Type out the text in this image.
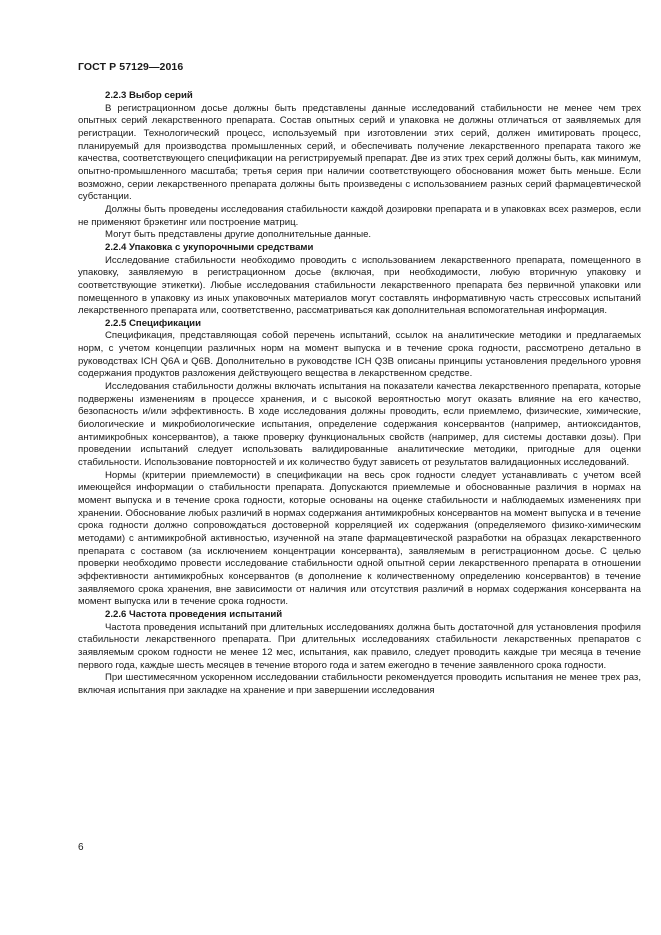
ГОСТ Р 57129—2016
2.2.3 Выбор серий

В регистрационном досье должны быть представлены данные исследований стабильности не менее чем трех опытных серий лекарственного препарата. Состав опытных серий и упаковка не должны отличаться от заявляемых для регистрации. Технологический процесс, используемый при изготовлении этих серий, должен имитировать процесс, планируемый для производства промышленных серий, и обеспечивать получение лекарственного препарата такого же качества, соответствующего спецификации на регистрируемый препарат. Две из этих трех серий должны быть, как минимум, опытно-промышленного масштаба; третья серия при наличии соответствующего обоснования может быть меньше. Если возможно, серии лекарственного препарата должны быть произведены с использованием разных серий фармацевтической субстанции.

Должны быть проведены исследования стабильности каждой дозировки препарата и в упаковках всех размеров, если не применяют брэкетинг или построение матриц.

Могут быть представлены другие дополнительные данные.

2.2.4 Упаковка с укупорочными средствами

Исследование стабильности необходимо проводить с использованием лекарственного препарата, помещенного в упаковку, заявляемую в регистрационном досье (включая, при необходимости, любую вторичную упаковку и соответствующие этикетки). Любые исследования стабильности лекарственного препарата без первичной упаковки или помещенного в упаковку из иных упаковочных материалов могут составлять информативную часть стрессовых испытаний лекарственного препарата или, соответственно, рассматриваться как дополнительная вспомогательная информация.

2.2.5 Спецификации

Спецификация, представляющая собой перечень испытаний, ссылок на аналитические методики и предлагаемых норм, с учетом концепции различных норм на момент выпуска и в течение срока годности, рассмотрено детально в руководствах ICH Q6A и Q6B. Дополнительно в руководстве ICH Q3B описаны принципы установления предельного уровня содержания продуктов разложения действующего вещества в лекарственном средстве.

Исследования стабильности должны включать испытания на показатели качества лекарственного препарата, которые подвержены изменениям в процессе хранения, и с высокой вероятностью могут оказать влияние на его качество, безопасность и/или эффективность. В ходе исследования должны проводить, если приемлемо, физические, химические, биологические и микробиологические испытания, определение содержания консервантов (например, антиоксидантов, антимикробных консервантов), а также проверку функциональных свойств (например, для системы доставки дозы). При проведении испытаний следует использовать валидированные аналитические методики, пригодные для оценки стабильности. Использование повторностей и их количество будут зависеть от результатов валидационных исследований.

Нормы (критерии приемлемости) в спецификации на весь срок годности следует устанавливать с учетом всей имеющейся информации о стабильности препарата. Допускаются приемлемые и обоснованные различия в нормах на момент выпуска и в течение срока годности, которые основаны на оценке стабильности и наблюдаемых изменениях при хранении. Обоснование любых различий в нормах содержания антимикробных консервантов на момент выпуска и в течение срока годности должно сопровождаться достоверной корреляцией их содержания (определяемого физико-химическим методами) с антимикробной активностью, изученной на этапе фармацевтической разработки на образцах лекарственного препарата с составом (за исключением концентрации консерванта), заявляемым в регистрационном досье. С целью проверки необходимо провести исследование стабильности одной опытной серии лекарственного препарата в отношении эффективности антимикробных консервантов (в дополнение к количественному определению консервантов) в течение заявляемого срока хранения, вне зависимости от наличия или отсутствия различий в нормах содержания консерванта на момент выпуска или в течение срока годности.

2.2.6 Частота проведения испытаний

Частота проведения испытаний при длительных исследованиях должна быть достаточной для установления профиля стабильности лекарственного препарата. При длительных исследованиях стабильности лекарственных препаратов с заявляемым сроком годности не менее 12 мес, испытания, как правило, следует проводить каждые три месяца в течение первого года, каждые шесть месяцев в течение второго года и затем ежегодно в течение заявленного срока годности.

При шестимесячном ускоренном исследовании стабильности рекомендуется проводить испытания не менее трех раз, включая испытания при закладке на хранение и при завершении исследования

6
